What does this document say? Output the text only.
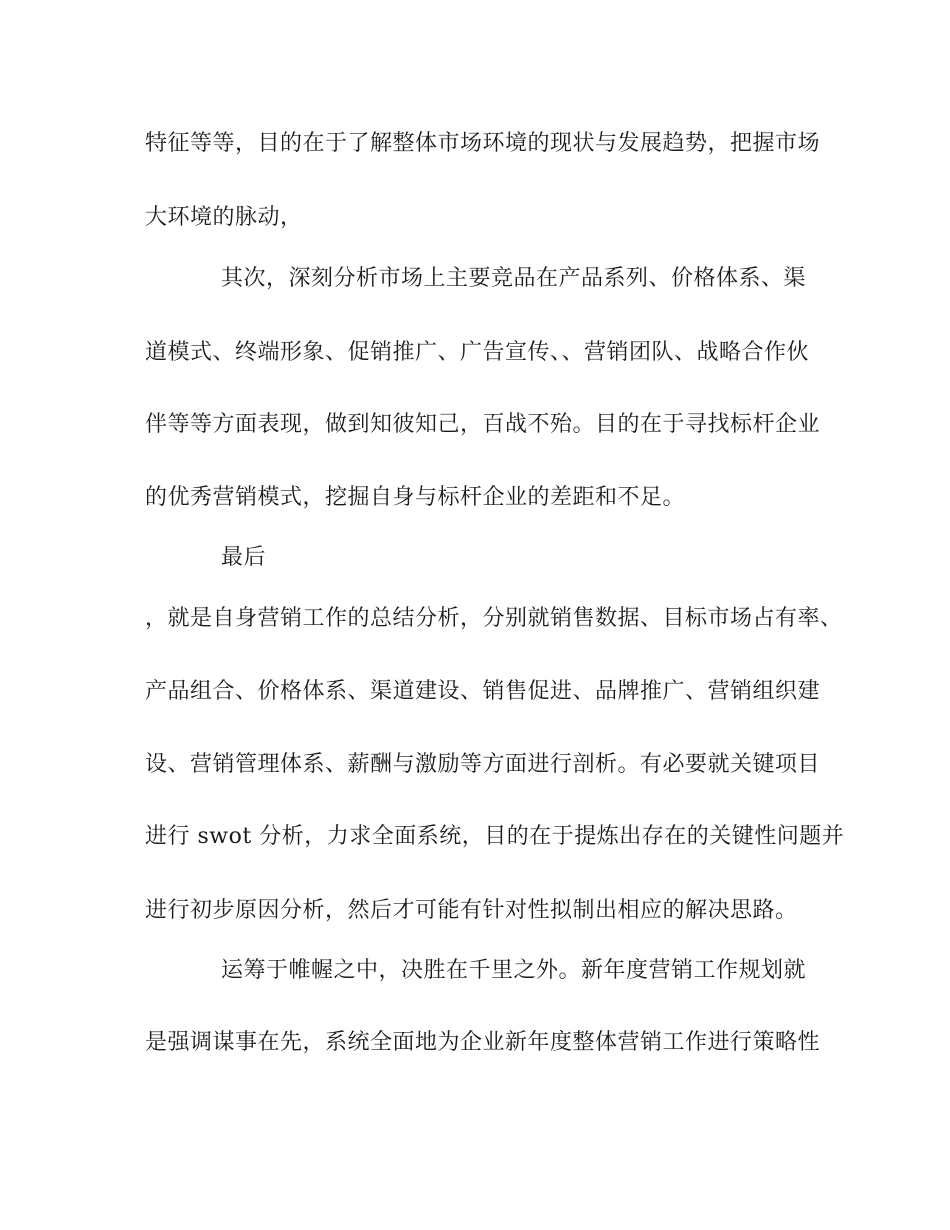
特征等等，目的在于了解整体市场环境的现状与发展趋势，把握市场

大环境的脉动，

其次，深刻分析市场上主要竞品在产品系列、价格体系、渠

道模式、终端形象、促销推广、广告宣传、、营销团队、战略合作伙

伴等等方面表现，做到知彼知己，百战不殆。目的在于寻找标杆企业

的优秀营销模式，挖掘自身与标杆企业的差距和不足。

最后

，就是自身营销工作的总结分析，分别就销售数据、目标市场占有率、

产品组合、价格体系、渠道建设、销售促进、品牌推广、营销组织建

设、营销管理体系、薪酬与激励等方面进行剖析。有必要就关键项目

进行 swot 分析，力求全面系统，目的在于提炼出存在的关键性问题并

进行初步原因分析，然后才可能有针对性拟制出相应的解决思路。

运筹于帷幄之中，决胜在千里之外。新年度营销工作规划就

是强调谋事在先，系统全面地为企业新年度整体营销工作进行策略性
